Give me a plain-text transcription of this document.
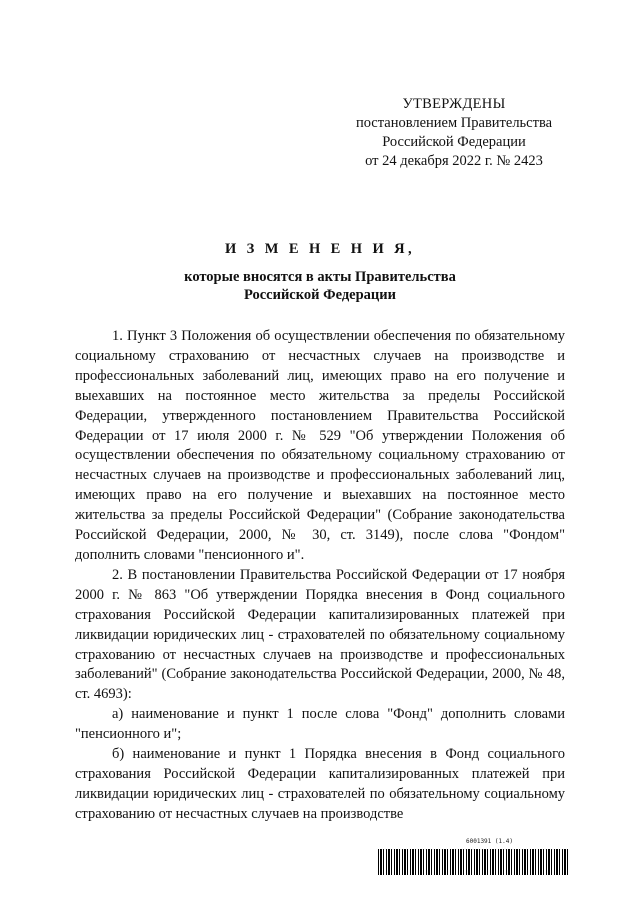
УТВЕРЖДЕНЫ
постановлением Правительства
Российской Федерации
от 24 декабря 2022 г. № 2423
И З М Е Н Е Н И Я,
которые вносятся в акты Правительства
Российской Федерации

1. Пункт 3 Положения об осуществлении обеспечения по обязательному социальному страхованию от несчастных случаев на производстве и профессиональных заболеваний лиц, имеющих право на его получение и выехавших на постоянное место жительства за пределы Российской Федерации, утвержденного постановлением Правительства Российской Федерации от 17 июля 2000 г. № 529 "Об утверждении Положения об осуществлении обеспечения по обязательному социальному страхованию от несчастных случаев на производстве и профессиональных заболеваний лиц, имеющих право на его получение и выехавших на постоянное место жительства за пределы Российской Федерации" (Собрание законодательства Российской Федерации, 2000, № 30, ст. 3149), после слова "Фондом" дополнить словами "пенсионного и".

2. В постановлении Правительства Российской Федерации от 17 ноября 2000 г. № 863 "Об утверждении Порядка внесения в Фонд социального страхования Российской Федерации капитализированных платежей при ликвидации юридических лиц - страхователей по обязательному социальному страхованию от несчастных случаев на производстве и профессиональных заболеваний" (Собрание законодательства Российской Федерации, 2000, № 48, ст. 4693):

а) наименование и пункт 1 после слова "Фонд" дополнить словами "пенсионного и";

б) наименование и пункт 1 Порядка внесения в Фонд социального страхования Российской Федерации капитализированных платежей при ликвидации юридических лиц - страхователей по обязательному социальному страхованию от несчастных случаев на производстве

6001391 (1.4)
